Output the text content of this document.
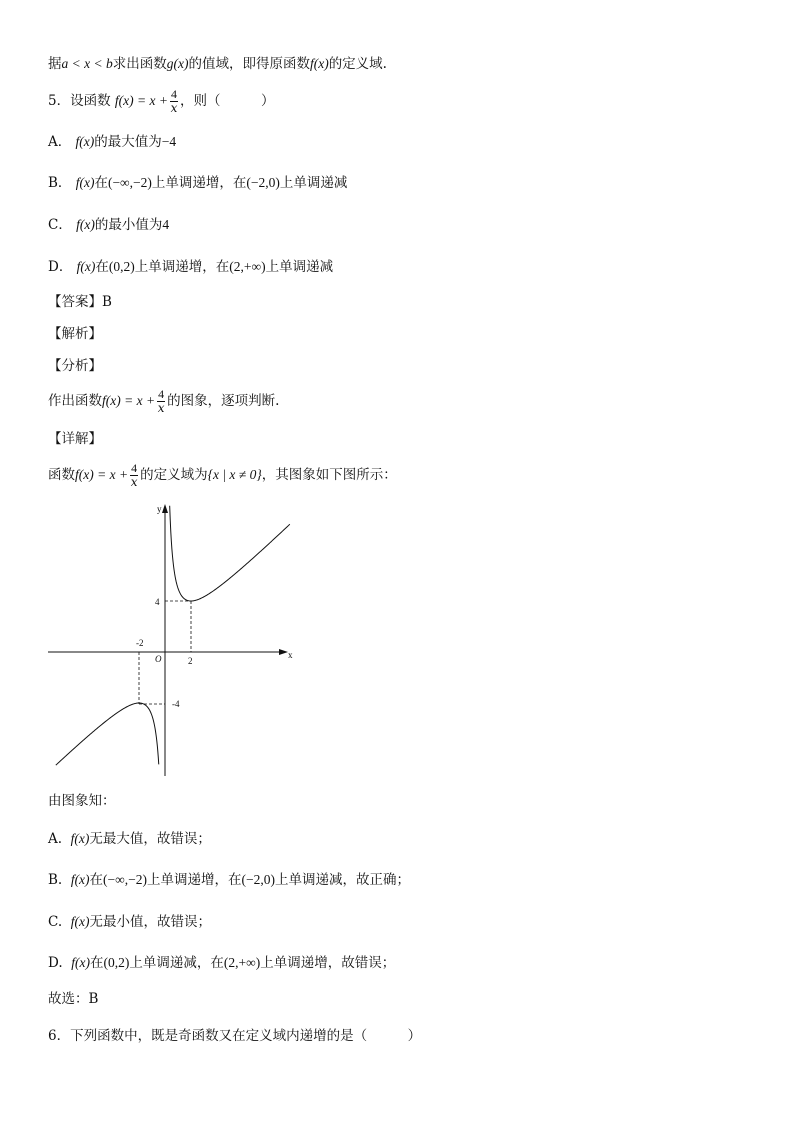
据a < x < b求出函数g(x)的值域，即得原函数f(x)的定义域.
5．设函数 $f(x) = x + \frac{4}{x}$ ，则（　　　）
A． f(x)的最大值为−4
B． f(x)在(−∞,−2)上单调递增，在(−2,0)上单调递减
C． f(x)的最小值为4
D． f(x)在(0,2)上单调递增，在(2,+∞)上单调递减
【答案】B
【解析】
【分析】
作出函数$f(x) = x + \frac{4}{x}$ 的图象，逐项判断.
【详解】
函数$f(x) = x + \frac{4}{x}$ 的定义域为{x | x ≠ 0}，其图象如下图所示：
y
x
O	2
-2
4
-4
由图象知：
A. f(x)无最大值，故错误；
B. f(x)在(−∞,−2)上单调递增，在(−2,0)上单调递减，故正确；
C. f(x)无最小值，故错误；
D. f(x)在(0,2)上单调递减，在(2,+∞)上单调递增，故错误；
故选：B
6．下列函数中，既是奇函数又在定义域内递增的是（　　　）
